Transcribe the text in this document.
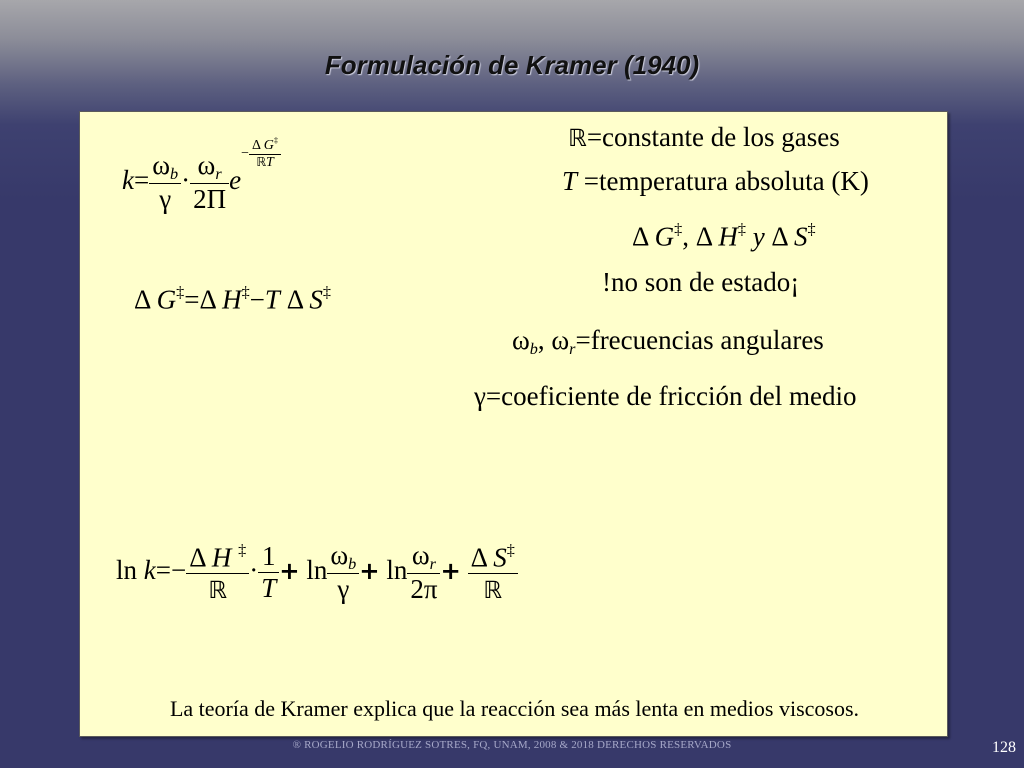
Formulación de Kramer (1940)
$k= \frac{\omega_b}{\gamma} \cdot \frac{\omega_r}{2\Pi} e- \frac{\Delta G^\ddagger}{\text{ℝT}}$
Δ G‡=Δ H‡−T Δ S‡
ℝ=constante de los gases
T =temperatura absoluta (K)
Δ G‡, Δ H‡ y Δ S‡
!no son de estado¡
$\omega_b$, $\omega_r=frecuencias$ angulares
γ=coeficiente de fricción del medio
$\ln k=- \frac{\Delta H ^\ddagger}{\text{ℝ}} \cdot \frac{1}{T} + \ln \frac{\omega_b}{\gamma} + \ln \frac{\omega_r}{2\pi} + \frac{\Delta S^\ddagger}{\text{ℝ}}$
La teoría de Kramer explica que la reacción sea más lenta en medios viscosos.
® ROGELIO RODRÍGUEZ SOTRES, FQ, UNAM, 2008 & 2018 DERECHOS RESERVADOS	128
